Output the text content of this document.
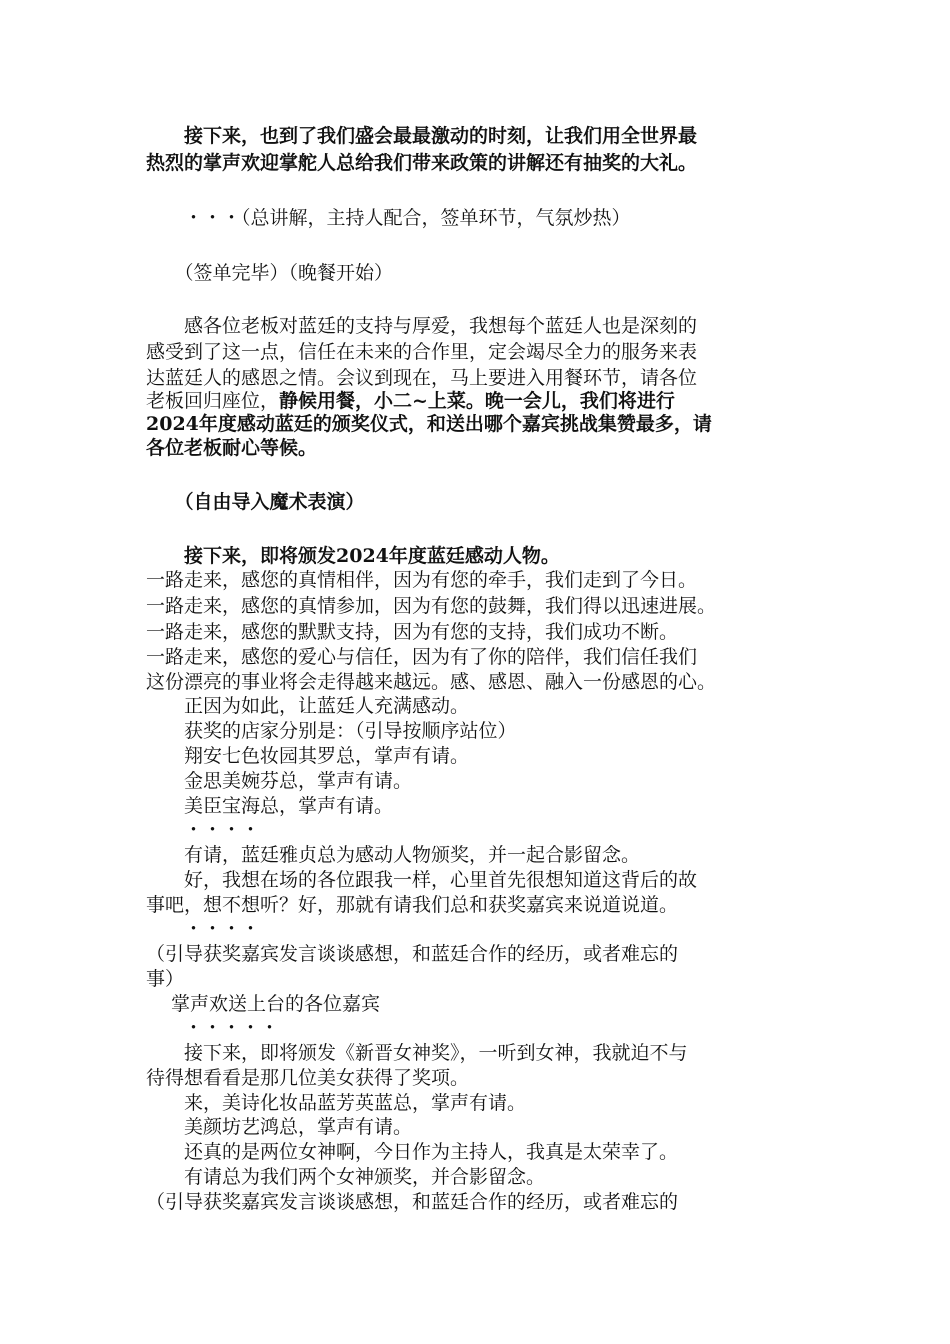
　　接下来，也到了我们盛会最最激动的时刻，让我们用全世界最
热烈的掌声欢迎掌舵人总给我们带来政策的讲解还有抽奖的大礼。
　　・・・（总讲解，主持人配合，签单环节，气氛炒热）
　　（签单完毕）（晚餐开始）
　　感各位老板对蓝廷的支持与厚爱，我想每个蓝廷人也是深刻的
感受到了这一点，信任在未来的合作里，定会竭尽全力的服务来表
达蓝廷人的感恩之情。会议到现在，马上要进入用餐环节，请各位
老板回归座位，静候用餐，小二~上菜。晚一会儿，我们将进行
2024年度感动蓝廷的颁奖仪式，和送出哪个嘉宾挑战集赞最多，请
各位老板耐心等候。
　　（自由导入魔术表演）
　　接下来，即将颁发2024年度蓝廷感动人物。
一路走来，感您的真情相伴，因为有您的牵手，我们走到了今日。
一路走来，感您的真情参加，因为有您的鼓舞，我们得以迅速进展。
一路走来，感您的默默支持，因为有您的支持，我们成功不断。
一路走来，感您的爱心与信任，因为有了你的陪伴，我们信任我们
这份漂亮的事业将会走得越来越远。感、感恩、融入一份感恩的心。
　　正因为如此，让蓝廷人充满感动。
　　获奖的店家分别是：（引导按顺序站位）
　　翔安七色妆园其罗总，掌声有请。
　　金思美婉芬总，掌声有请。
　　美臣宝海总，掌声有请。
　　・・・・
　　有请，蓝廷雅贞总为感动人物颁奖，并一起合影留念。
　　好，我想在场的各位跟我一样，心里首先很想知道这背后的故
事吧，想不想听？好，那就有请我们总和获奖嘉宾来说道说道。
　　・・・・
（引导获奖嘉宾发言谈谈感想，和蓝廷合作的经历，或者难忘的
事）
　 掌声欢送上台的各位嘉宾
　　・・・・・
　　接下来，即将颁发《新晋女神奖》，一听到女神，我就迫不与
待得想看看是那几位美女获得了奖项。
　　来，美诗化妆品蓝芳英蓝总，掌声有请。
　　美颜坊艺鸿总，掌声有请。
　　还真的是两位女神啊，今日作为主持人，我真是太荣幸了。
　　有请总为我们两个女神颁奖，并合影留念。
（引导获奖嘉宾发言谈谈感想，和蓝廷合作的经历，或者难忘的
